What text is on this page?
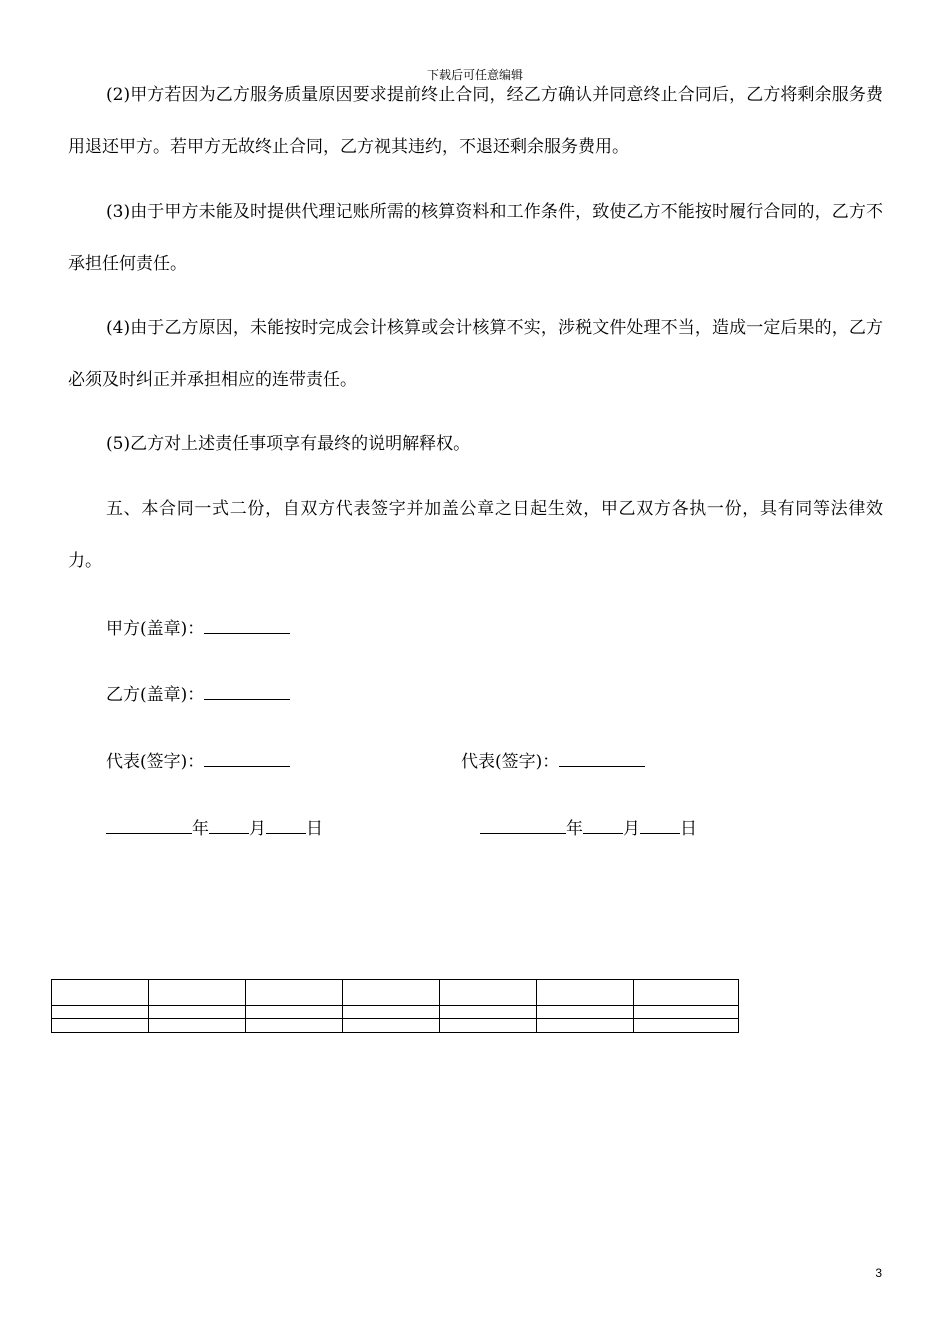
下载后可任意编辑

(2)甲方若因为乙方服务质量原因要求提前终止合同，经乙方确认并同意终止合同后，乙方将剩余服务费用退还甲方。若甲方无故终止合同，乙方视其违约，不退还剩余服务费用。

(3)由于甲方未能及时提供代理记账所需的核算资料和工作条件，致使乙方不能按时履行合同的，乙方不承担任何责任。

(4)由于乙方原因，未能按时完成会计核算或会计核算不实，涉税文件处理不当，造成一定后果的，乙方必须及时纠正并承担相应的连带责任。

(5)乙方对上述责任事项享有最终的说明解释权。

五、本合同一式二份，自双方代表签字并加盖公章之日起生效，甲乙双方各执一份，具有同等法律效力。

甲方(盖章)：
乙方(盖章)：
代表(签字)：	代表(签字)：
年 月 日	年 月 日

3
